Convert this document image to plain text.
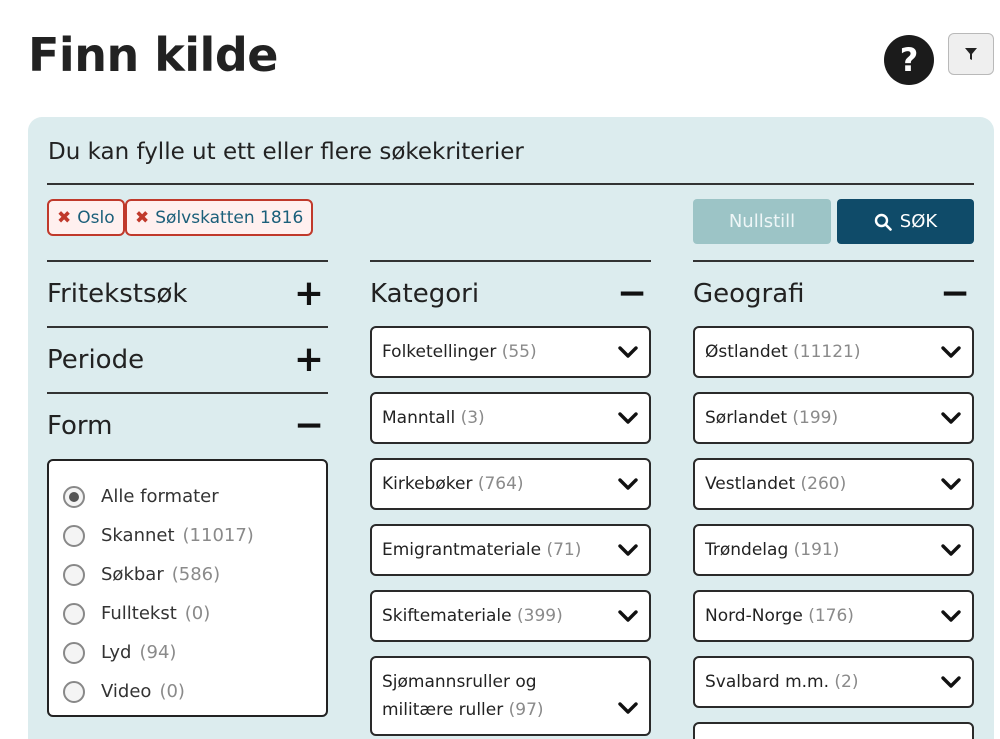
Finn kilde	?
Du kan fylle ut ett eller flere søkekriterier
✖ Oslo ✖ Sølvskatten 1816	Nullstill	SØK
Fritekstsøk	+
Periode	+
Form	−
Alle formater
Skannet (11017)
Søkbar (586)
Fulltekst (0)
Lyd (94)
Video (0)
Kategori	−
Folketellinger (55)
Manntall (3)
Kirkebøker (764)
Emigrantmateriale (71)
Skiftemateriale (399)
Sjømannsruller og militære ruller (97)
Geografi	−
Østlandet (11121)
Sørlandet (199)
Vestlandet (260)
Trøndelag (191)
Nord-Norge (176)
Svalbard m.m. (2)
